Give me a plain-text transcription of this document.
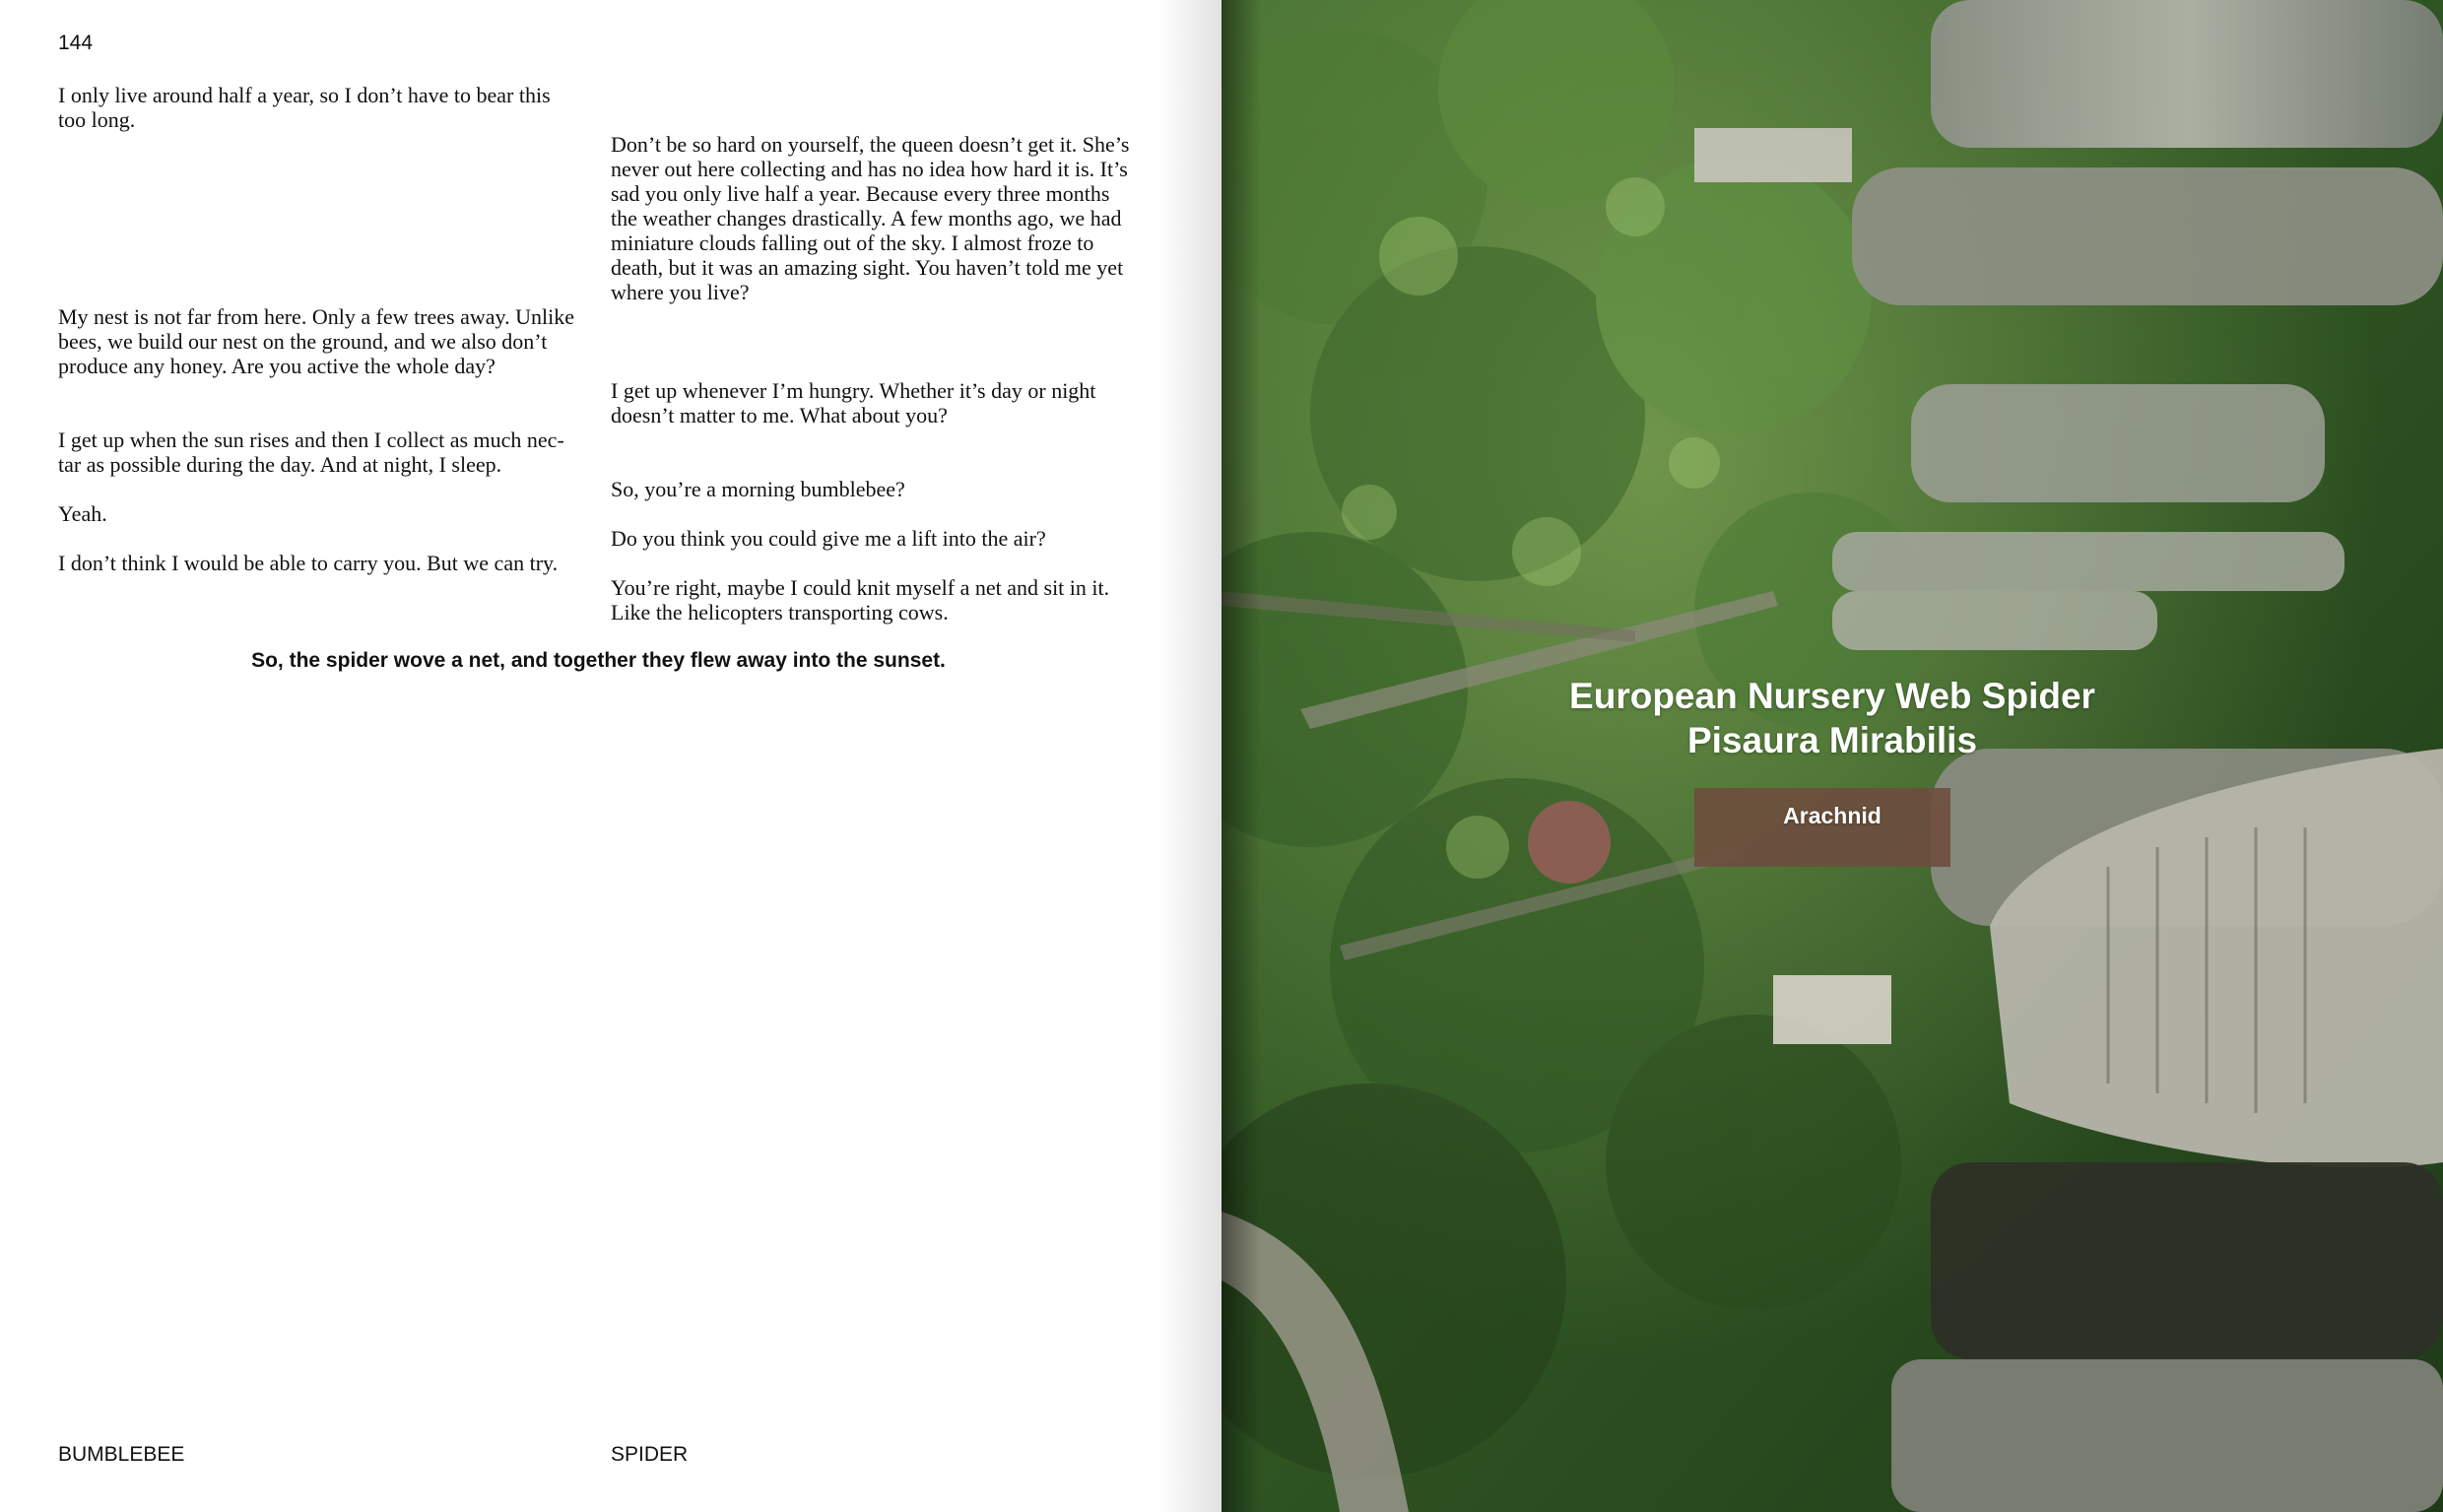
144
I only live around half a year, so I don’t have to bear this
too long.
My nest is not far from here. Only a few trees away. Unlike
bees, we build our nest on the ground, and we also don’t
produce any honey. Are you active the whole day?
I get up when the sun rises and then I collect as much nec-
tar as possible during the day. And at night, I sleep.
Yeah.
I don’t think I would be able to carry you. But we can try.
Don’t be so hard on yourself, the queen doesn’t get it. She’s
never out here collecting and has no idea how hard it is. It’s
sad you only live half a year. Because every three months
the weather changes drastically. A few months ago, we had
miniature clouds falling out of the sky. I almost froze to
death, but it was an amazing sight. You haven’t told me yet
where you live?
I get up whenever I’m hungry. Whether it’s day or night
doesn’t matter to me. What about you?
So, you’re a morning bumblebee?
Do you think you could give me a lift into the air?
You’re right, maybe I could knit myself a net and sit in it.
Like the helicopters transporting cows.
So, the spider wove a net, and together they flew away into the sunset.
BUMBLEBEE	SPIDER
European Nursery Web Spider
Pisaura Mirabilis
Arachnid
